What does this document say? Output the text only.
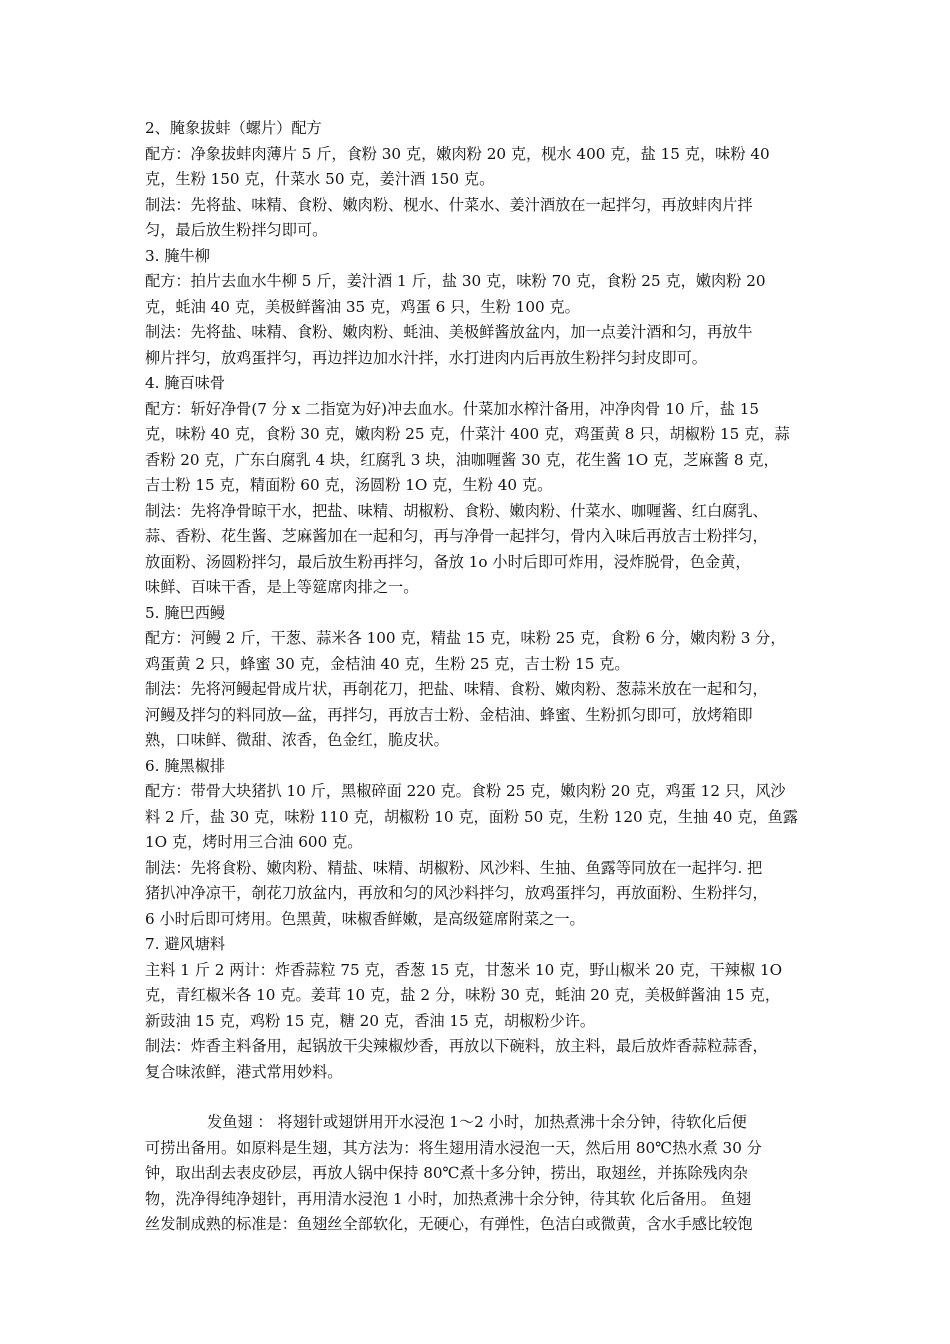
2、腌象拔蚌（螺片）配方
配方：净象拔蚌肉薄片 5 斤，食粉 30 克，嫩肉粉 20 克，枧水 400 克，盐 15 克，味粉 40
克，生粉 150 克，什菜水 50 克，姜汁酒 150 克。
制法：先将盐、味精、食粉、嫩肉粉、枧水、什菜水、姜汁酒放在一起拌匀，再放蚌肉片拌
匀，最后放生粉拌匀即可。
3. 腌牛柳
配方：拍片去血水牛柳 5 斤，姜汁酒 1 斤，盐 30 克，味粉 70 克，食粉 25 克，嫩肉粉 20
克，蚝油 40 克，美极鲜酱油 35 克，鸡蛋 6 只，生粉 100 克。
制法：先将盐、味精、食粉、嫩肉粉、蚝油、美极鲜酱放盆内，加一点姜汁酒和匀，再放牛
柳片拌匀，放鸡蛋拌匀，再边拌边加水汁拌，水打进肉内后再放生粉拌匀封皮即可。
4. 腌百味骨
配方：斩好净骨(7 分 x 二指宽为好)冲去血水。什菜加水榨汁备用，冲净肉骨 10 斤，盐 15
克，味粉 40 克，食粉 30 克，嫩肉粉 25 克，什菜汁 400 克，鸡蛋黄 8 只，胡椒粉 15 克，蒜
香粉 20 克，广东白腐乳 4 块，红腐乳 3 块，油咖喱酱 30 克，花生酱 1O 克，芝麻酱 8 克，
吉士粉 15 克，精面粉 60 克，汤圆粉 1O 克，生粉 40 克。
制法：先将净骨晾干水，把盐、味精、胡椒粉、食粉、嫩肉粉、什菜水、咖喱酱、红白腐乳、
蒜、香粉、花生酱、芝麻酱加在一起和匀，再与净骨一起拌匀，骨内入味后再放吉士粉拌匀，
放面粉、汤圆粉拌匀，最后放生粉再拌匀，备放 1o 小时后即可炸用，浸炸脱骨，色金黄，
味鲜、百味干香，是上等筵席肉排之一。
5. 腌巴西鳗
配方：河鳗 2 斤，干葱、蒜米各 100 克，精盐 15 克，味粉 25 克，食粉 6 分，嫩肉粉 3 分，
鸡蛋黄 2 只，蜂蜜 30 克，金桔油 40 克，生粉 25 克，吉士粉 15 克。
制法：先将河鳗起骨成片状，再剞花刀，把盐、味精、食粉、嫩肉粉、葱蒜米放在一起和匀，
河鳗及拌匀的料同放—盆，再拌匀，再放吉士粉、金桔油、蜂蜜、生粉抓匀即可，放烤箱即
熟，口味鲜、微甜、浓香，色金红，脆皮状。
6. 腌黑椒排
配方：带骨大块猪扒 10 斤，黑椒碎面 220 克。食粉 25 克，嫩肉粉 20 克，鸡蛋 12 只，风沙
料 2 斤，盐 30 克，味粉 110 克，胡椒粉 10 克，面粉 50 克，生粉 120 克，生抽 40 克，鱼露
1O 克，烤时用三合油 600 克。
制法：先将食粉、嫩肉粉、精盐、味精、胡椒粉、风沙料、生抽、鱼露等同放在一起拌匀. 把
猪扒冲净凉干，剞花刀放盆内，再放和匀的风沙料拌匀，放鸡蛋拌匀，再放面粉、生粉拌匀，
6 小时后即可烤用。色黑黄，味椒香鲜嫩，是高级筵席附菜之一。
7. 避风塘料
主料 1 斤 2 两计：炸香蒜粒 75 克，香葱 15 克，甘葱米 10 克，野山椒米 20 克，干辣椒 1O
克，青红椒米各 10 克。姜茸 10 克，盐 2 分，味粉 30 克，蚝油 20 克，美极鲜酱油 15 克，
新豉油 15 克，鸡粉 15 克，糖 20 克，香油 15 克，胡椒粉少许。
制法：炸香主料备用，起锅放干尖辣椒炒香，再放以下碗料，放主料，最后放炸香蒜粒蒜香，
复合味浓鲜，港式常用妙料。
发鱼翅 ： 将翅针或翅饼用开水浸泡 1～2 小时，加热煮沸十余分钟，待软化后便
可捞出备用。如原料是生翅，其方法为：将生翅用清水浸泡一天，然后用 80℃热水煮 30 分
钟，取出刮去表皮砂层，再放人锅中保持 80℃煮十多分钟，捞出，取翅丝，并拣除残肉杂
物，洗净得纯净翅针，再用清水浸泡 1 小时，加热煮沸十余分钟，待其软 化后备用。 鱼翅
丝发制成熟的标准是：鱼翅丝全部软化，无硬心，有弹性，色洁白或微黄，含水手感比较饱
